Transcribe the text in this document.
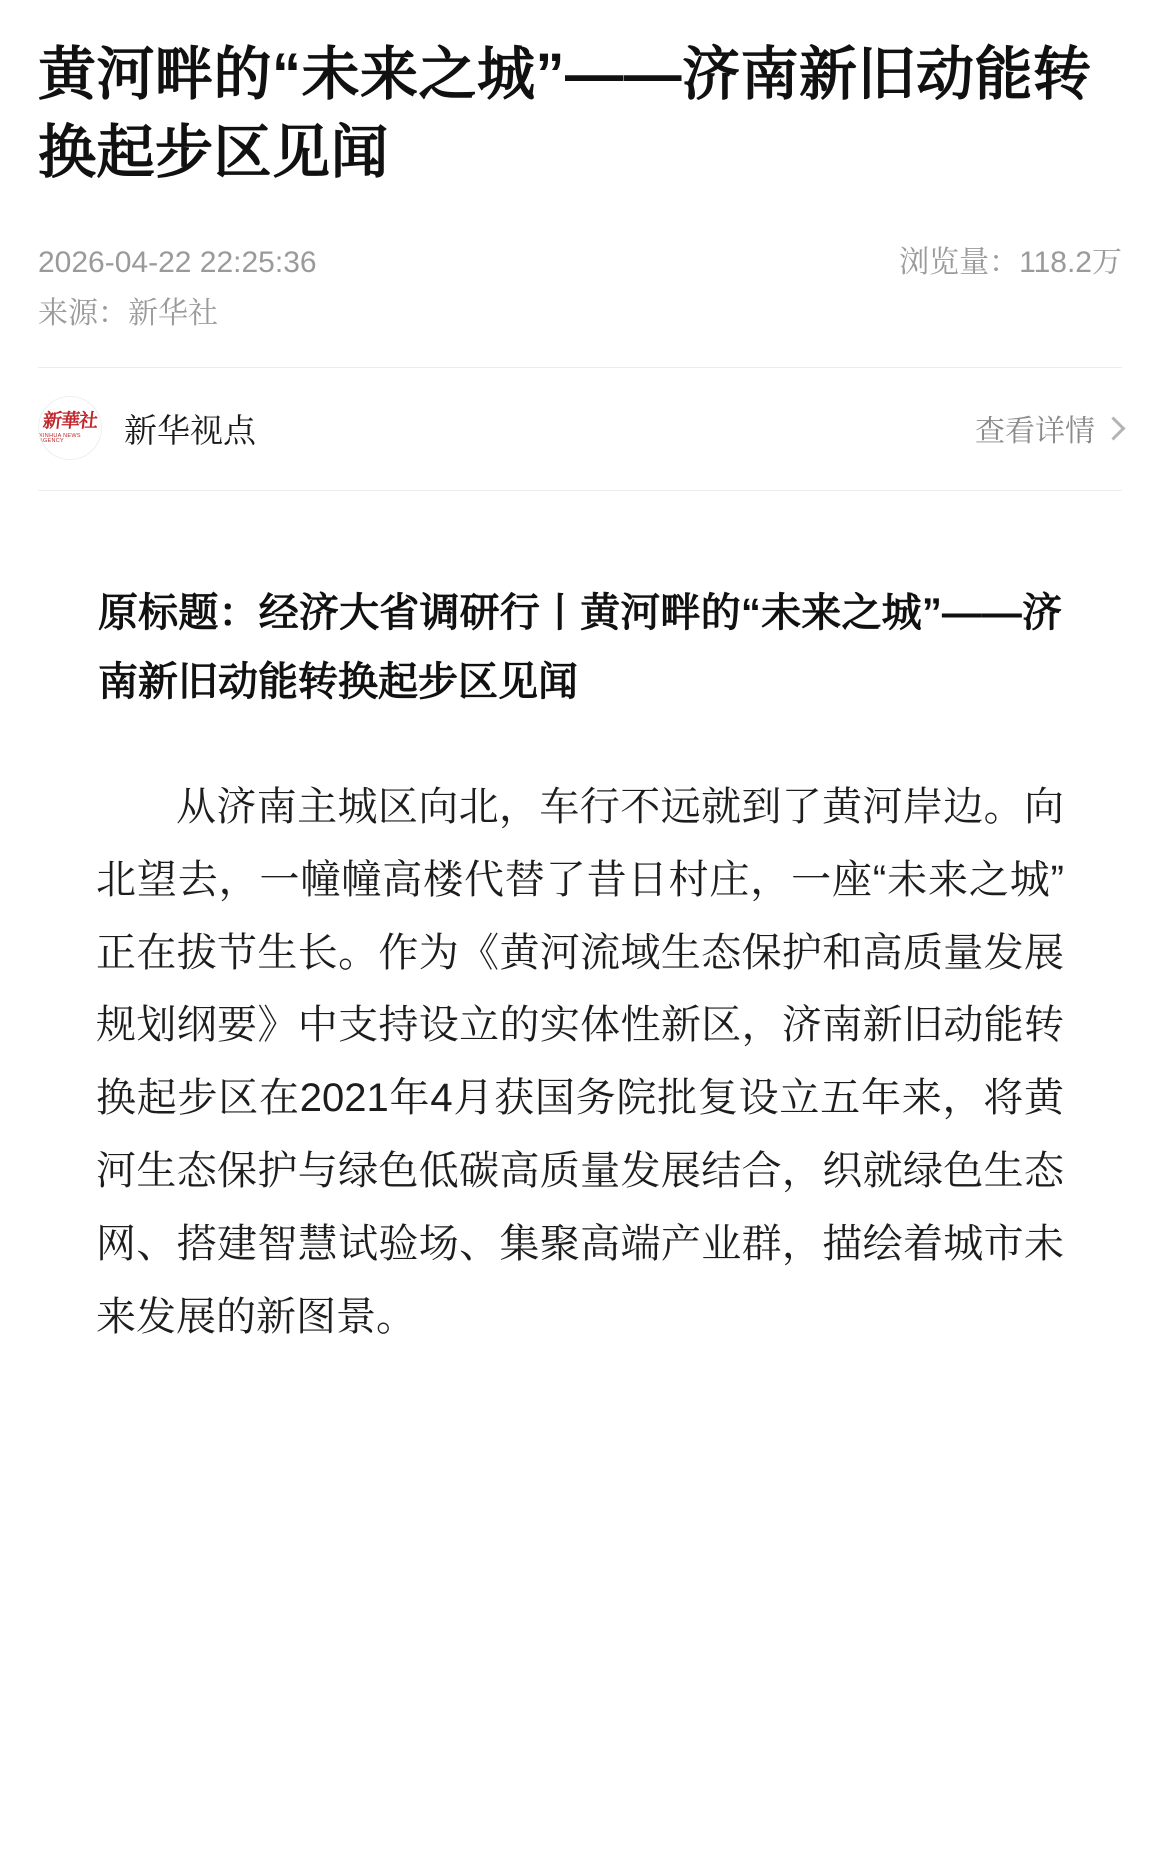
黄河畔的“未来之城”——济南新旧动能转换起步区见闻
2026-04-22 22:25:36	浏览量：118.2万
来源：新华社
新華社
XINHUA NEWS AGENCY	新华视点	查看详情

原标题：经济大省调研行丨黄河畔的“未来之城”——济南新旧动能转换起步区见闻

从济南主城区向北，车行不远就到了黄河岸边。向北望去，一幢幢高楼代替了昔日村庄，一座“未来之城”正在拔节生长。作为《黄河流域生态保护和高质量发展规划纲要》中支持设立的实体性新区，济南新旧动能转换起步区在2021年4月获国务院批复设立五年来，将黄河生态保护与绿色低碳高质量发展结合，织就绿色生态网、搭建智慧试验场、集聚高端产业群，描绘着城市未来发展的新图景。
